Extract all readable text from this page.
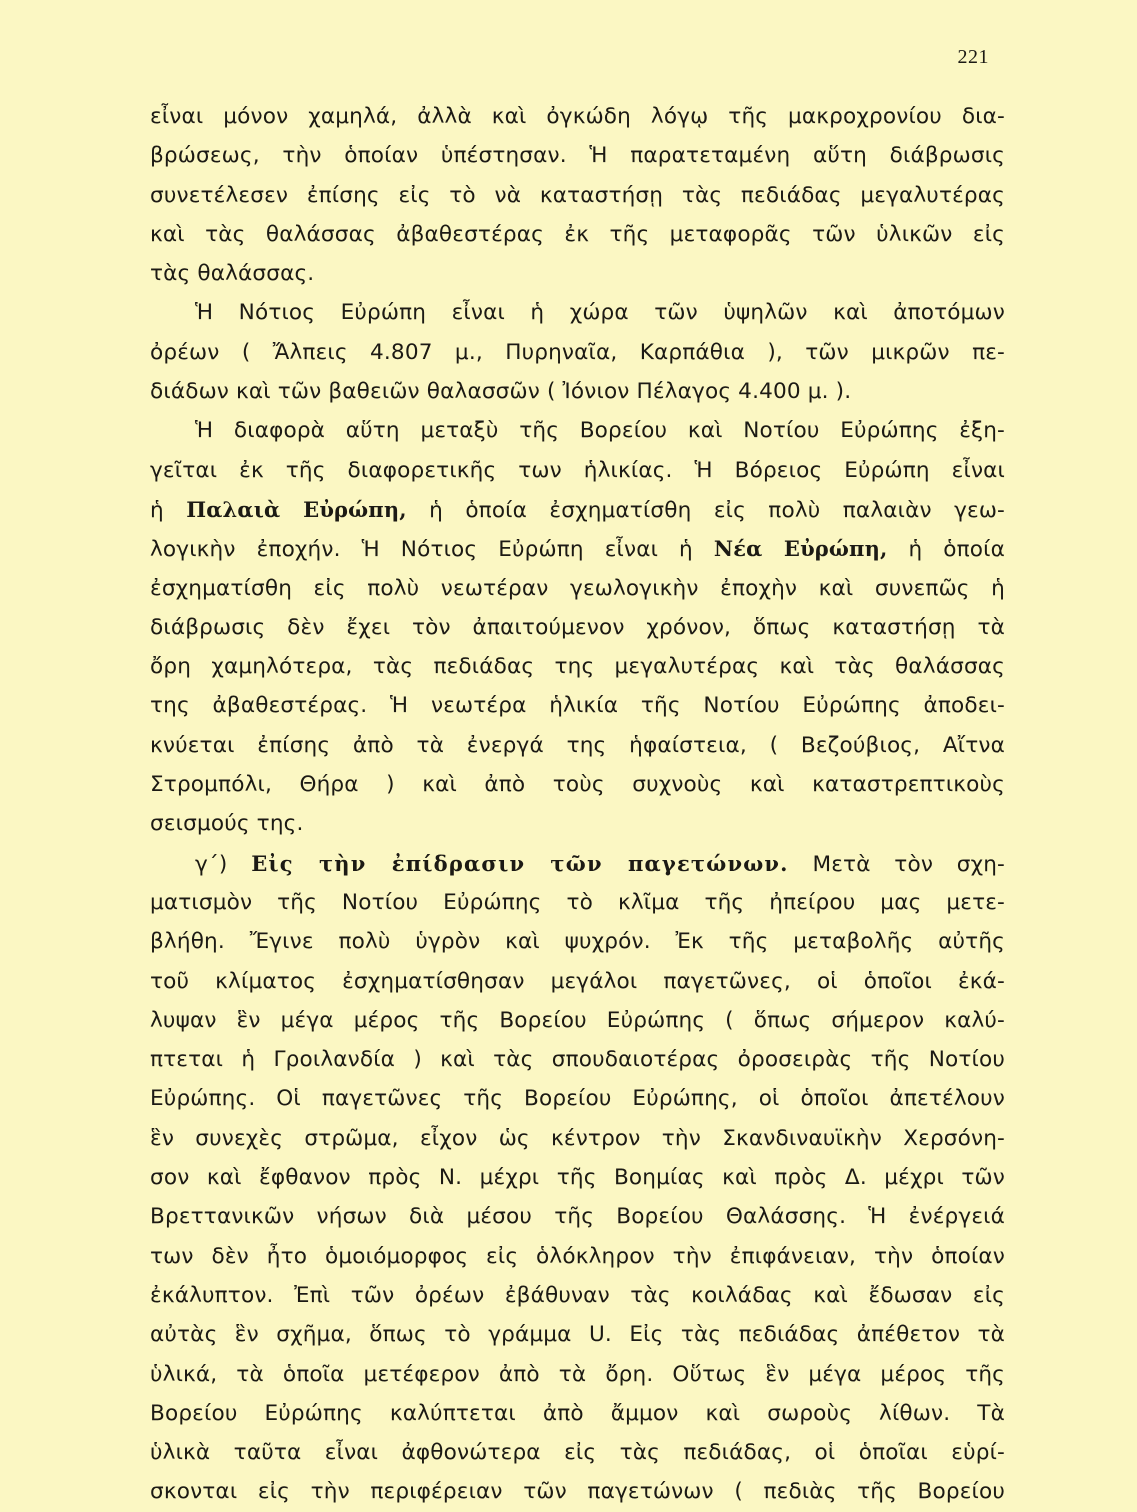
221
εἶναι μόνον χαμηλά, ἀλλὰ καὶ ὀγκώδη λόγῳ τῆς μακροχρονίου δια-
βρώσεως, τὴν ὁποίαν ὑπέστησαν. Ἡ παρατεταμένη αὕτη διάβρωσις
συνετέλεσεν ἐπίσης εἰς τὸ νὰ καταστήσῃ τὰς πεδιάδας μεγαλυτέρας
καὶ τὰς θαλάσσας ἀβαθεστέρας ἐκ τῆς μεταφορᾶς τῶν ὑλικῶν εἰς
τὰς θαλάσσας.
Ἡ Νότιος Εὐρώπη εἶναι ἡ χώρα τῶν ὑψηλῶν καὶ ἀποτόμων
ὀρέων ( Ἄλπεις 4.807 μ., Πυρηναῖα, Καρπάθια ), τῶν μικρῶν πε-
διάδων καὶ τῶν βαθειῶν θαλασσῶν ( Ἰόνιον Πέλαγος 4.400 μ. ).
Ἡ διαφορὰ αὕτη μεταξὺ τῆς Βορείου καὶ Νοτίου Εὐρώπης ἐξη-
γεῖται ἐκ τῆς διαφορετικῆς των ἡλικίας. Ἡ Βόρειος Εὐρώπη εἶναι
ἡ Παλαιὰ Εὐρώπη, ἡ ὁποία ἐσχηματίσθη εἰς πολὺ παλαιὰν γεω-
λογικὴν ἐποχήν. Ἡ Νότιος Εὐρώπη εἶναι ἡ Νέα Εὐρώπη, ἡ ὁποία
ἐσχηματίσθη εἰς πολὺ νεωτέραν γεωλογικὴν ἐποχὴν καὶ συνεπῶς ἡ
διάβρωσις δὲν ἔχει τὸν ἀπαιτούμενον χρόνον, ὅπως καταστήσῃ τὰ
ὄρη χαμηλότερα, τὰς πεδιάδας της μεγαλυτέρας καὶ τὰς θαλάσσας
της ἀβαθεστέρας. Ἡ νεωτέρα ἡλικία τῆς Νοτίου Εὐρώπης ἀποδει-
κνύεται ἐπίσης ἀπὸ τὰ ἐνεργά της ἡφαίστεια, ( Βεζούβιος, Αἴτνα
Στρομπόλι, Θήρα ) καὶ ἀπὸ τοὺς συχνοὺς καὶ καταστρεπτικοὺς
σεισμούς της.
γ΄) Εἰς τὴν ἐπίδρασιν τῶν παγετώνων. Μετὰ τὸν σχη-
ματισμὸν τῆς Νοτίου Εὐρώπης τὸ κλῖμα τῆς ἠπείρου μας μετε-
βλήθη. Ἔγινε πολὺ ὑγρὸν καὶ ψυχρόν. Ἐκ τῆς μεταβολῆς αὐτῆς
τοῦ κλίματος ἐσχηματίσθησαν μεγάλοι παγετῶνες, οἱ ὁποῖοι ἐκά-
λυψαν ἓν μέγα μέρος τῆς Βορείου Εὐρώπης ( ὅπως σήμερον καλύ-
πτεται ἡ Γροιλανδία ) καὶ τὰς σπουδαιοτέρας ὀροσειρὰς τῆς Νοτίου
Εὐρώπης. Οἱ παγετῶνες τῆς Βορείου Εὐρώπης, οἱ ὁποῖοι ἀπετέλουν
ἓν συνεχὲς στρῶμα, εἶχον ὡς κέντρον τὴν Σκανδιναυϊκὴν Χερσόνη-
σον καὶ ἔφθανον πρὸς Ν. μέχρι τῆς Βοημίας καὶ πρὸς Δ. μέχρι τῶν
Βρεττανικῶν νήσων διὰ μέσου τῆς Βορείου Θαλάσσης. Ἡ ἐνέργειά
των δὲν ἦτο ὁμοιόμορφος εἰς ὁλόκληρον τὴν ἐπιφάνειαν, τὴν ὁποίαν
ἐκάλυπτον. Ἐπὶ τῶν ὀρέων ἐβάθυναν τὰς κοιλάδας καὶ ἔδωσαν εἰς
αὐτὰς ἓν σχῆμα, ὅπως τὸ γράμμα U. Εἰς τὰς πεδιάδας ἀπέθετον τὰ
ὑλικά, τὰ ὁποῖα μετέφερον ἀπὸ τὰ ὄρη. Οὕτως ἓν μέγα μέρος τῆς
Βορείου Εὐρώπης καλύπτεται ἀπὸ ἄμμον καὶ σωροὺς λίθων. Τὰ
ὑλικὰ ταῦτα εἶναι ἀφθονώτερα εἰς τὰς πεδιάδας, οἱ ὁποῖαι εὑρί-
σκονται εἰς τὴν περιφέρειαν τῶν παγετώνων ( πεδιὰς τῆς Βορείου
